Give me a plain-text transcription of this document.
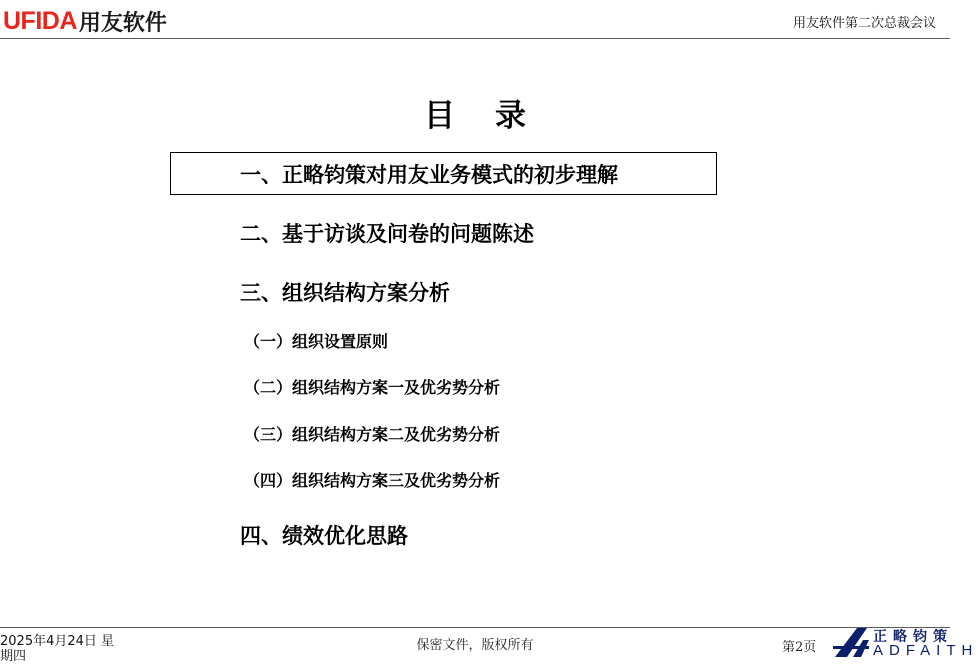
UFIDA 用友软件	用友软件第二次总裁会议
目录
一、正略钧策对用友业务模式的初步理解
二、基于访谈及问卷的问题陈述
三、组织结构方案分析
（一）组织设置原则
（二）组织结构方案一及优劣势分析
（三）组织结构方案二及优劣势分析
（四）组织结构方案三及优劣势分析
四、绩效优化思路
2025年4月24日 星期四
保密文件，版权所有	第2页
正略钧策
ADFAITH
